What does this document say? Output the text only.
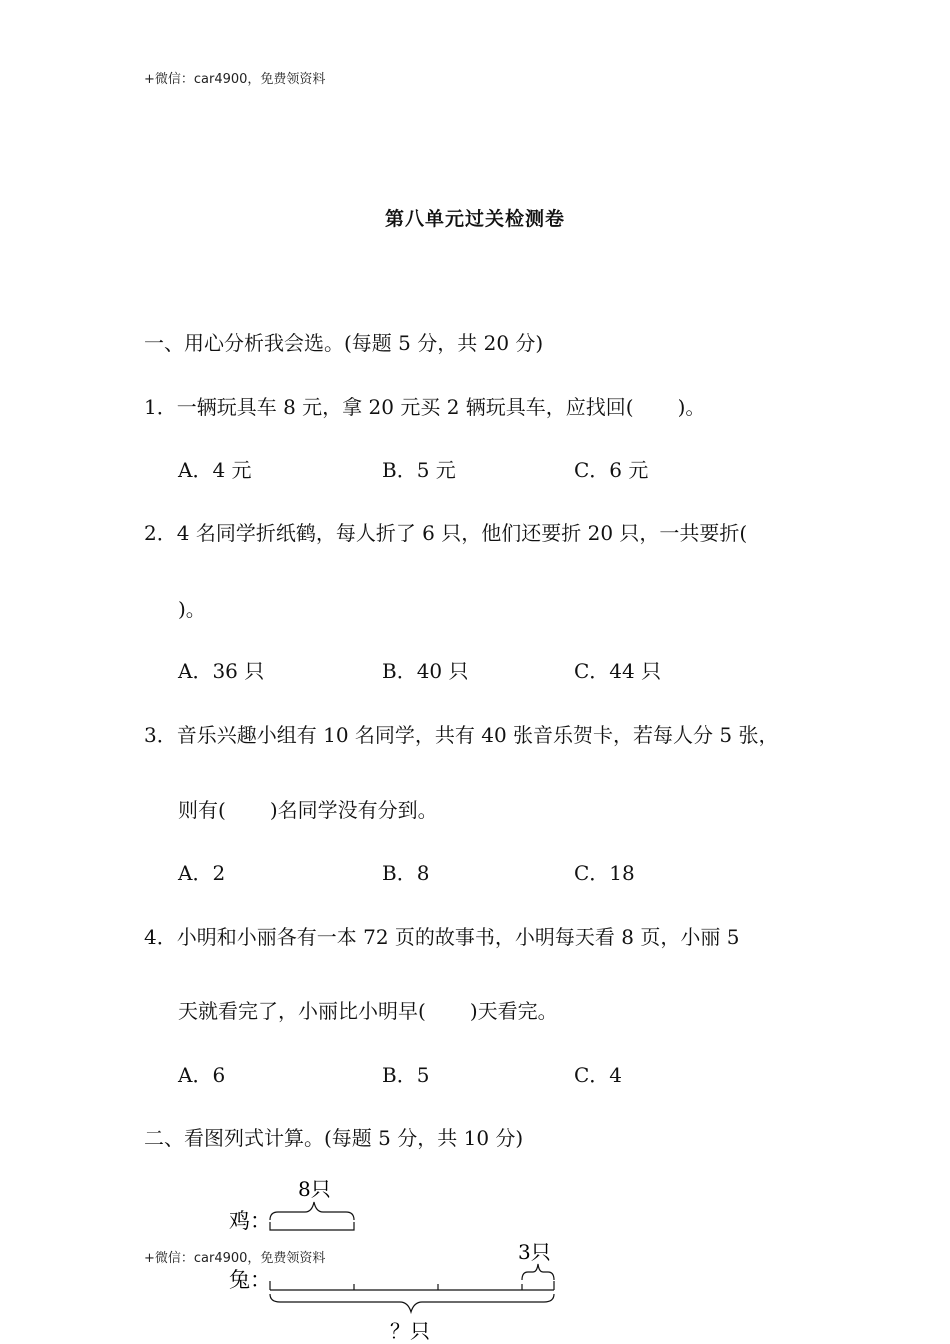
+微信：car4900，免费领资料
+微信：car4900，免费领资料
第八单元过关检测卷
一、用心分析我会选。(每题 5 分，共 20 分)
1．一辆玩具车 8 元，拿 20 元买 2 辆玩具车，应找回( )。
A．4 元	B．5 元	C．6 元
2．4 名同学折纸鹤，每人折了 6 只，他们还要折 20 只，一共要折(
)。
A．36 只	B．40 只	C．44 只
3．音乐兴趣小组有 10 名同学，共有 40 张音乐贺卡，若每人分 5 张，
则有( )名同学没有分到。
A．2	B．8	C．18
4．小明和小丽各有一本 72 页的故事书，小明每天看 8 页，小丽 5
天就看完了，小丽比小明早( )天看完。
A．6	B．5	C．4
二、看图列式计算。(每题 5 分，共 10 分)
8只
鸡：
3只
兔：
？只
